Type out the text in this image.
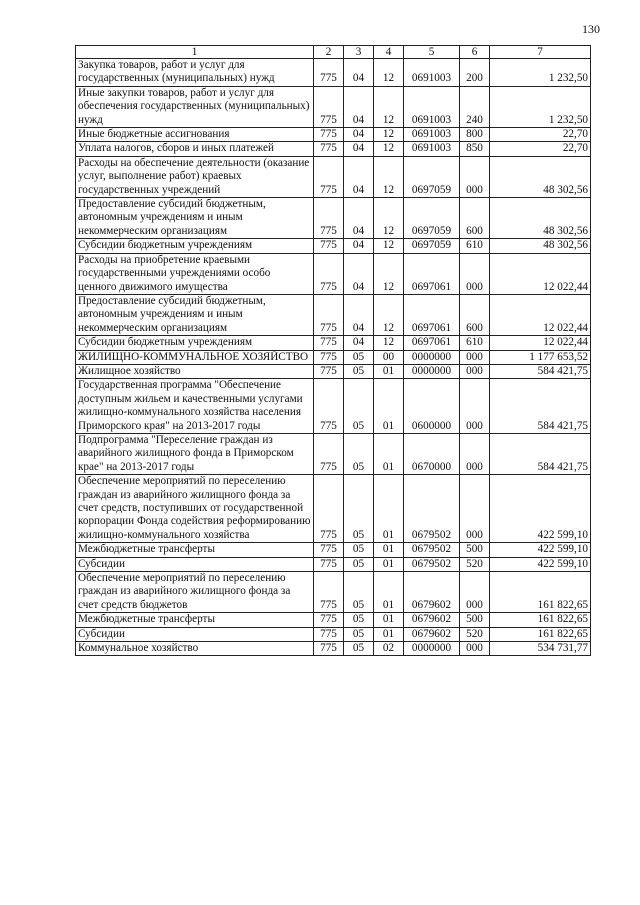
130
1	2	3	4	5	6	7
Закупка товаров, работ и услуг для государственных (муниципальных) нужд	775	04	12	0691003	200	1 232,50
Иные закупки товаров, работ и услуг для обеспечения государственных (муниципальных) нужд	775	04	12	0691003	240	1 232,50
Иные бюджетные ассигнования	775	04	12	0691003	800	22,70
Уплата налогов, сборов и иных платежей	775	04	12	0691003	850	22,70
Расходы на обеспечение деятельности (оказание услуг, выполнение работ) краевых государственных учреждений	775	04	12	0697059	000	48 302,56
Предоставление субсидий бюджетным, автономным учреждениям и иным некоммерческим организациям	775	04	12	0697059	600	48 302,56
Субсидии бюджетным учреждениям	775	04	12	0697059	610	48 302,56
Расходы на приобретение краевыми государственными учреждениями особо ценного движимого имущества	775	04	12	0697061	000	12 022,44
Предоставление субсидий бюджетным, автономным учреждениям и иным некоммерческим организациям	775	04	12	0697061	600	12 022,44
Субсидии бюджетным учреждениям	775	04	12	0697061	610	12 022,44
ЖИЛИЩНО-КОММУНАЛЬНОЕ ХОЗЯЙСТВО	775	05	00	0000000	000	1 177 653,52
Жилищное хозяйство	775	05	01	0000000	000	584 421,75
Государственная программа "Обеспечение доступным жильем и качественными услугами жилищно-коммунального хозяйства населения Приморского края" на 2013-2017 годы	775	05	01	0600000	000	584 421,75
Подпрограмма "Переселение граждан из аварийного жилищного фонда в Приморском крае" на 2013-2017 годы	775	05	01	0670000	000	584 421,75
Обеспечение мероприятий по переселению граждан из аварийного жилищного фонда за счет средств, поступивших от государственной корпорации Фонда содействия реформированию жилищно-коммунального хозяйства	775	05	01	0679502	000	422 599,10
Межбюджетные трансферты	775	05	01	0679502	500	422 599,10
Субсидии	775	05	01	0679502	520	422 599,10
Обеспечение мероприятий по переселению граждан из аварийного жилищного фонда за счет средств бюджетов	775	05	01	0679602	000	161 822,65
Межбюджетные трансферты	775	05	01	0679602	500	161 822,65
Субсидии	775	05	01	0679602	520	161 822,65
Коммунальное хозяйство	775	05	02	0000000	000	534 731,77
